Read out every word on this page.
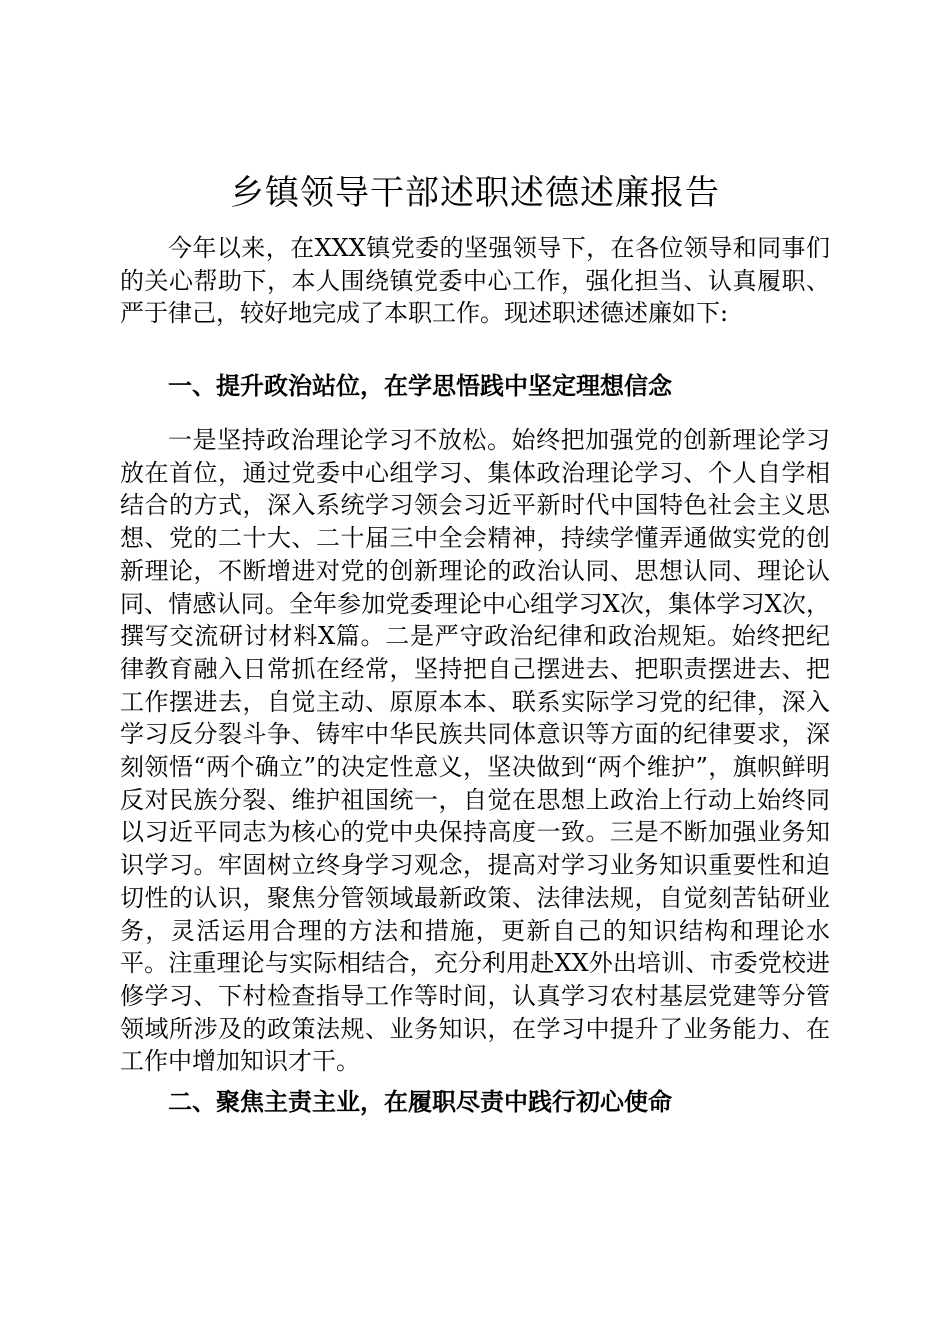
乡镇领导干部述职述德述廉报告

今年以来，在XXX镇党委的坚强领导下，在各位领导和同事们的关心帮助下，本人围绕镇党委中心工作，强化担当、认真履职、严于律己，较好地完成了本职工作。现述职述德述廉如下:

一、提升政治站位，在学思悟践中坚定理想信念

一是坚持政治理论学习不放松。始终把加强党的创新理论学习放在首位，通过党委中心组学习、集体政治理论学习、个人自学相结合的方式，深入系统学习领会习近平新时代中国特色社会主义思想、党的二十大、二十届三中全会精神，持续学懂弄通做实党的创新理论，不断增进对党的创新理论的政治认同、思想认同、理论认同、情感认同。全年参加党委理论中心组学习X次，集体学习X次，撰写交流研讨材料X篇。二是严守政治纪律和政治规矩。始终把纪律教育融入日常抓在经常，坚持把自己摆进去、把职责摆进去、把工作摆进去，自觉主动、原原本本、联系实际学习党的纪律，深入学习反分裂斗争、铸牢中华民族共同体意识等方面的纪律要求，深刻领悟“两个确立”的决定性意义，坚决做到“两个维护”，旗帜鲜明反对民族分裂、维护祖国统一，自觉在思想上政治上行动上始终同以习近平同志为核心的党中央保持高度一致。三是不断加强业务知识学习。牢固树立终身学习观念，提高对学习业务知识重要性和迫切性的认识，聚焦分管领域最新政策、法律法规，自觉刻苦钻研业务，灵活运用合理的方法和措施，更新自己的知识结构和理论水平。注重理论与实际相结合，充分利用赴XX外出培训、市委党校进修学习、下村检查指导工作等时间，认真学习农村基层党建等分管领域所涉及的政策法规、业务知识，在学习中提升了业务能力、在工作中增加知识才干。

二、聚焦主责主业，在履职尽责中践行初心使命
